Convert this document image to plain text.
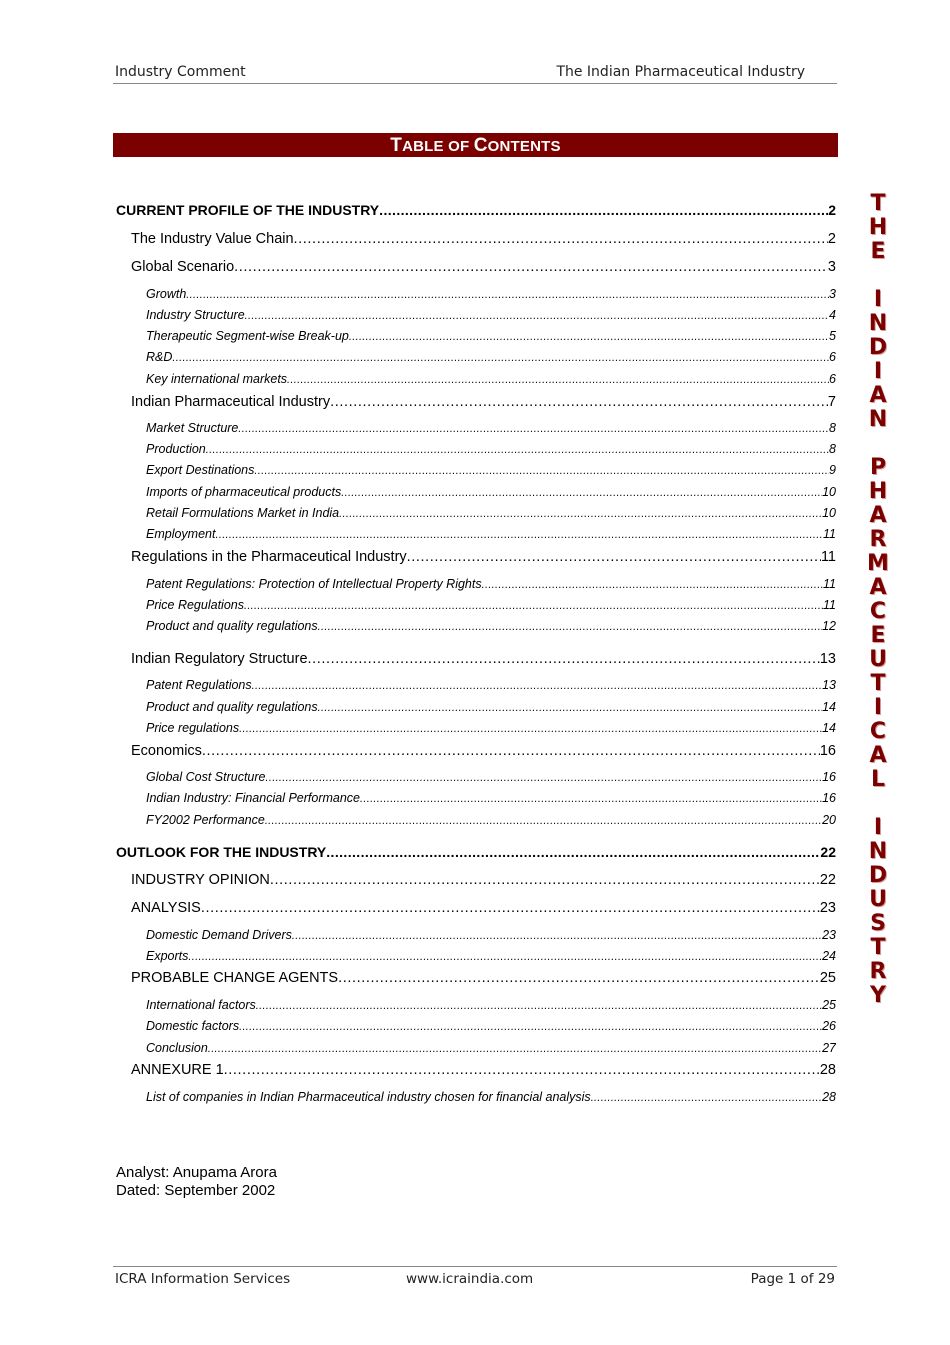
Industry Comment	The Indian Pharmaceutical Industry
TABLE OF CONTENTS
T
H
E
I
N
D
I
A
N
P
H
A
R
M
A
C
E
U
T
I
C
A
L
I
N
D
U
S
T
R
Y
CURRENT PROFILE OF THE INDUSTRY .....	2
The Industry Value Chain .....	2
Global Scenario .....	3
Growth .....	3
Industry Structure .....	4
Therapeutic Segment-wise Break-up .....	5
R&D .....	6
Key international markets .....	6
Indian Pharmaceutical Industry .....	7
Market Structure .....	8
Production .....	8
Export Destinations .....	9
Imports of pharmaceutical products .....	10
Retail Formulations Market in India .....	10
Employment .....	11
Regulations in the Pharmaceutical Industry .....	11
Patent Regulations: Protection of Intellectual Property Rights .....	11
Price Regulations .....	11
Product and quality regulations .....	12
Indian Regulatory Structure .....	13
Patent Regulations .....	13
Product and quality regulations .....	14
Price regulations .....	14
Economics .....	16
Global Cost Structure .....	16
Indian Industry: Financial Performance .....	16
FY2002 Performance .....	20
OUTLOOK FOR THE INDUSTRY .....	22
INDUSTRY OPINION .....	22
ANALYSIS .....	23
Domestic Demand Drivers .....	23
Exports .....	24
PROBABLE CHANGE AGENTS .....	25
International factors .....	25
Domestic factors .....	26
Conclusion .....	27
ANNEXURE 1 .....	28
List of companies in Indian Pharmaceutical industry chosen for financial analysis .....	28
Analyst: Anupama Arora
Dated: September 2002
ICRA Information Services	www.icraindia.com	Page 1 of 29
